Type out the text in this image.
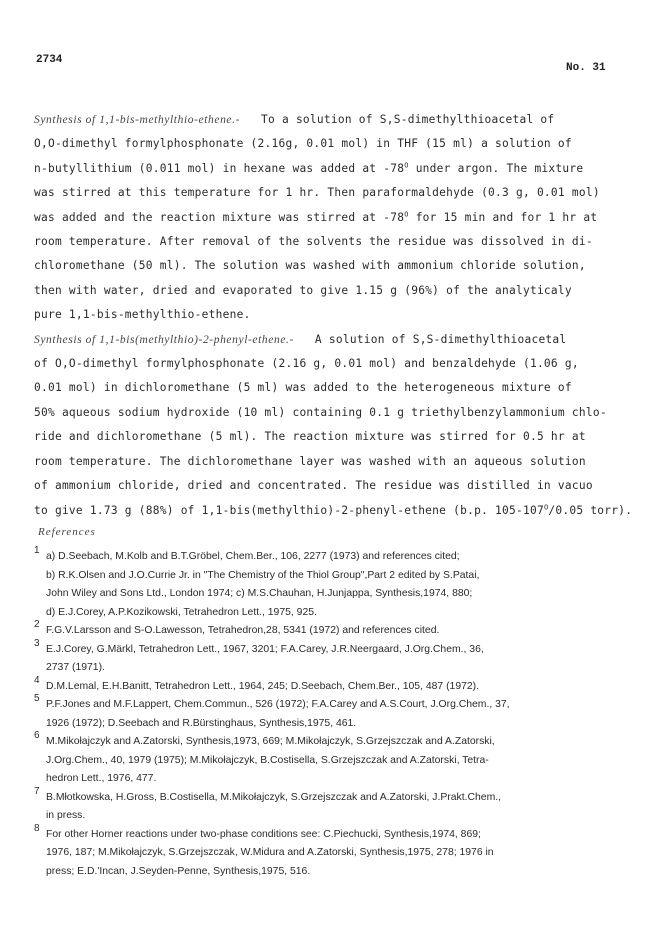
2734
No. 31
Synthesis of 1,1-bis-methylthio-ethene.- To a solution of S,S-dimethylthioacetal of
O,O-dimethyl formylphosphonate (2.16g, 0.01 mol) in THF (15 ml) a solution of
n-butyllithium (0.011 mol) in hexane was added at $-78^O$ under argon. The mixture
was stirred at this temperature for 1 hr. Then paraformaldehyde (0.3 g, 0.01 mol)
was added and the reaction mixture was stirred at $-78^O$ for 15 min and for 1 hr at
room temperature. After removal of the solvents the residue was dissolved in di-
chloromethane (50 ml). The solution was washed with ammonium chloride solution,
then with water, dried and evaporated to give 1.15 g (96%) of the analyticaly
pure 1,1-bis-methylthio-ethene.
Synthesis of 1,1-bis(methylthio)-2-phenyl-ethene.- A solution of S,S-dimethylthioacetal
of O,O-dimethyl formylphosphonate (2.16 g, 0.01 mol) and benzaldehyde (1.06 g,
0.01 mol) in dichloromethane (5 ml) was added to the heterogeneous mixture of
50% aqueous sodium hydroxide (10 ml) containing 0.1 g triethylbenzylammonium chlo-
ride and dichloromethane (5 ml). The reaction mixture was stirred for 0.5 hr at
room temperature. The dichloromethane layer was washed with an aqueous solution
of ammonium chloride, dried and concentrated. The residue was distilled in vacuo
to give 1.73 g (88%) of 1,1-bis(methylthio)-2-phenyl-ethene (b.p. $105-107^O/0.05$ torr).
References
1
a) D.Seebach, M.Kolb and B.T.Gröbel, Chem.Ber., 106, 2277 (1973) and references cited;
b) R.K.Olsen and J.O.Currie Jr. in "The Chemistry of the Thiol Group",Part 2 edited by S.Patai,
John Wiley and Sons Ltd., London 1974; c) M.S.Chauhan, H.Junjappa, Synthesis,1974, 880;
d) E.J.Corey, A.P.Kozikowski, Tetrahedron Lett., 1975, 925.
2
F.G.V.Larsson and S-O.Lawesson, Tetrahedron,28, 5341 (1972) and references cited.
3
E.J.Corey, G.Märkl, Tetrahedron Lett., 1967, 3201; F.A.Carey, J.R.Neergaard, J.Org.Chem., 36,
2737 (1971).
4
D.M.Lemal, E.H.Banitt, Tetrahedron Lett., 1964, 245; D.Seebach, Chem.Ber., 105, 487 (1972).
5
P.F.Jones and M.F.Lappert, Chem.Commun., 526 (1972); F.A.Carey and A.S.Court, J.Org.Chem., 37,
1926 (1972); D.Seebach and R.Bürstinghaus, Synthesis,1975, 461.
6
M.Mikołajczyk and A.Zatorski, Synthesis,1973, 669; M.Mikołajczyk, S.Grzejszczak and A.Zatorski,
J.Org.Chem., 40, 1979 (1975); M.Mikołajczyk, B.Costisella, S.Grzejszczak and A.Zatorski, Tetra-
hedron Lett., 1976, 477.
7
B.Młotkowska, H.Gross, B.Costisella, M.Mikołajczyk, S.Grzejszczak and A.Zatorski, J.Prakt.Chem.,
in press.
8
For other Horner reactions under two-phase conditions see: C.Piechucki, Synthesis,1974, 869;
1976, 187; M.Mikołajczyk, S.Grzejszczak, W.Midura and A.Zatorski, Synthesis,1975, 278; 1976 in
press; E.D.'Incan, J.Seyden-Penne, Synthesis,1975, 516.
